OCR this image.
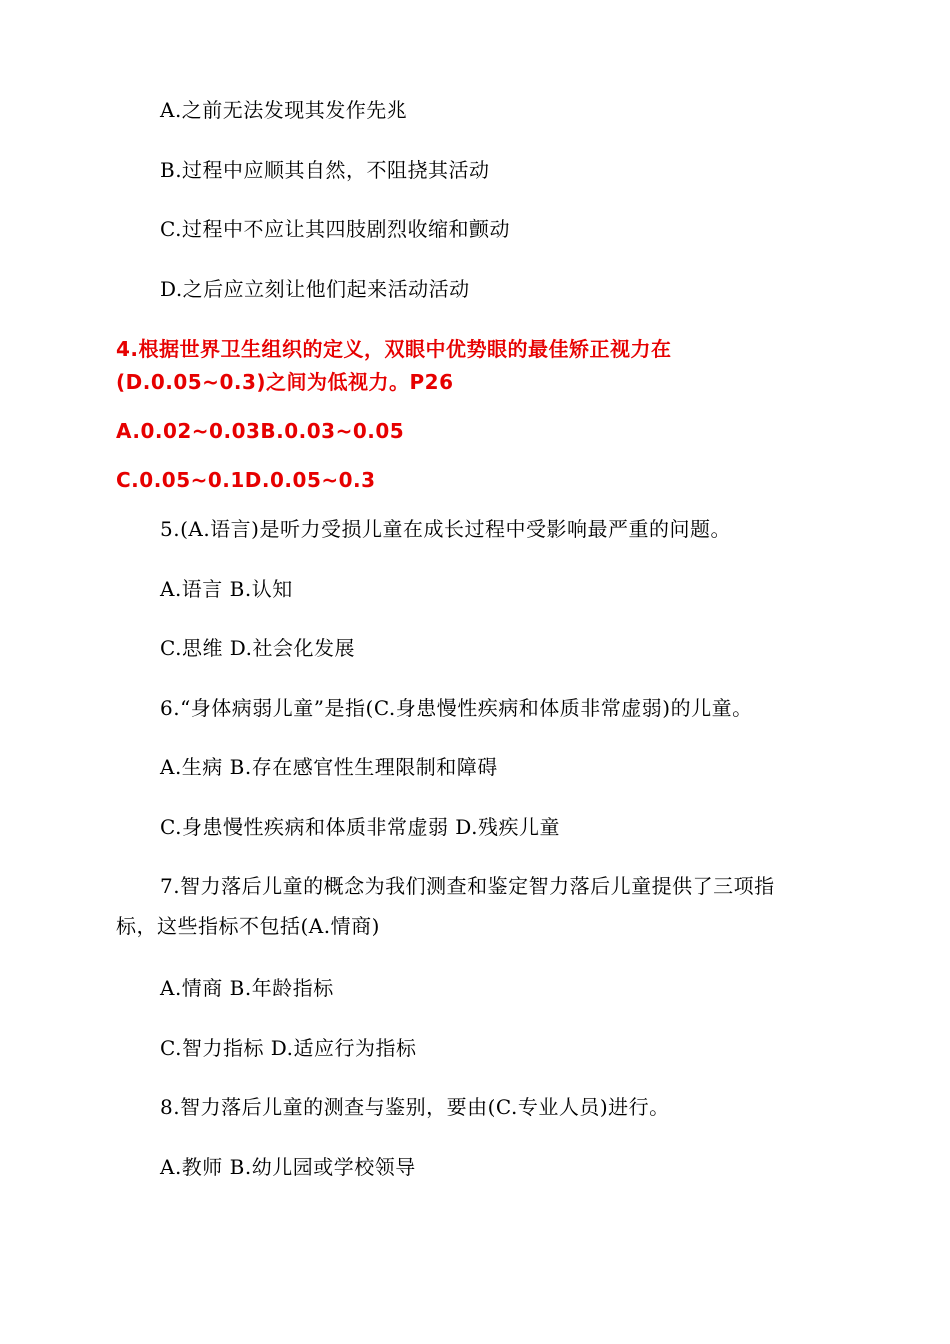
A.之前无法发现其发作先兆
B.过程中应顺其自然，不阻挠其活动
C.过程中不应让其四肢剧烈收缩和颤动
D.之后应立刻让他们起来活动活动
4.根据世界卫生组织的定义，双眼中优势眼的最佳矫正视力在
(D.0.05~0.3)之间为低视力。P26
A.0.02~0.03B.0.03~0.05
C.0.05~0.1D.0.05~0.3
5.(A.语言)是听力受损儿童在成长过程中受影响最严重的问题。
A.语言 B.认知
C.思维 D.社会化发展
6.“身体病弱儿童”是指(C.身患慢性疾病和体质非常虚弱)的儿童。
A.生病 B.存在感官性生理限制和障碍
C.身患慢性疾病和体质非常虚弱 D.残疾儿童
7.智力落后儿童的概念为我们测查和鉴定智力落后儿童提供了三项指标，这些指标不包括(A.情商)
A.情商 B.年龄指标
C.智力指标 D.适应行为指标
8.智力落后儿童的测查与鉴别，要由(C.专业人员)进行。
A.教师 B.幼儿园或学校领导
